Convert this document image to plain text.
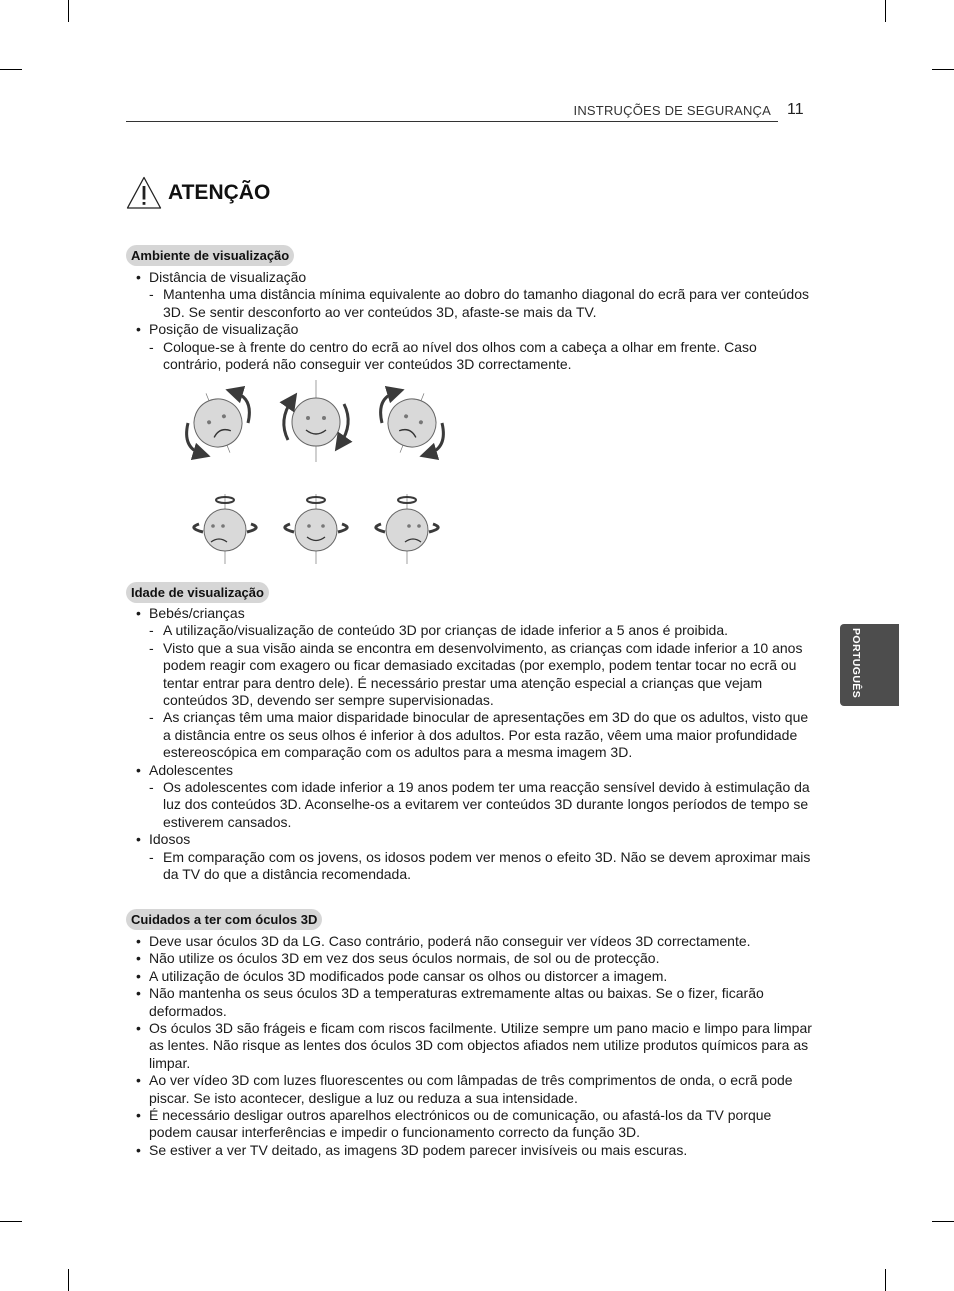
INSTRUÇÕES DE SEGURANÇA 11
PORTUGUÊS
ATENÇÃO
Ambiente de visualização
• Distância de visualização
- Mantenha uma distância mínima equivalente ao dobro do tamanho diagonal do ecrã para ver conteúdos 3D. Se sentir desconforto ao ver conteúdos 3D, afaste-se mais da TV.
• Posição de visualização
- Coloque-se à frente do centro do ecrã ao nível dos olhos com a cabeça a olhar em frente. Caso contrário, poderá não conseguir ver conteúdos 3D correctamente.
Idade de visualização
• Bebés/crianças
- A utilização/visualização de conteúdo 3D por crianças de idade inferior a 5 anos é proibida.
- Visto que a sua visão ainda se encontra em desenvolvimento, as crianças com idade inferior a 10 anos podem reagir com exagero ou ficar demasiado excitadas (por exemplo, podem tentar tocar no ecrã ou tentar entrar para dentro dele). É necessário prestar uma atenção especial a crianças que vejam conteúdos 3D, devendo ser sempre supervisionadas.
- As crianças têm uma maior disparidade binocular de apresentações em 3D do que os adultos, visto que a distância entre os seus olhos é inferior à dos adultos. Por esta razão, vêem uma maior profundidade estereoscópica em comparação com os adultos para a mesma imagem 3D.
• Adolescentes
- Os adolescentes com idade inferior a 19 anos podem ter uma reacção sensível devido à estimulação da luz dos conteúdos 3D. Aconselhe-os a evitarem ver conteúdos 3D durante longos períodos de tempo se estiverem cansados.
• Idosos
- Em comparação com os jovens, os idosos podem ver menos o efeito 3D. Não se devem aproximar mais da TV do que a distância recomendada.
Cuidados a ter com óculos 3D
• Deve usar óculos 3D da LG. Caso contrário, poderá não conseguir ver vídeos 3D correctamente.
• Não utilize os óculos 3D em vez dos seus óculos normais, de sol ou de protecção.
• A utilização de óculos 3D modificados pode cansar os olhos ou distorcer a imagem.
• Não mantenha os seus óculos 3D a temperaturas extremamente altas ou baixas. Se o fizer, ficarão deformados.
• Os óculos 3D são frágeis e ficam com riscos facilmente. Utilize sempre um pano macio e limpo para limpar as lentes. Não risque as lentes dos óculos 3D com objectos afiados nem utilize produtos químicos para as limpar.
• Ao ver vídeo 3D com luzes fluorescentes ou com lâmpadas de três comprimentos de onda, o ecrã pode piscar. Se isto acontecer, desligue a luz ou reduza a sua intensidade.
• É necessário desligar outros aparelhos electrónicos ou de comunicação, ou afastá-los da TV porque podem causar interferências e impedir o funcionamento correcto da função 3D.
• Se estiver a ver TV deitado, as imagens 3D podem parecer invisíveis ou mais escuras.
